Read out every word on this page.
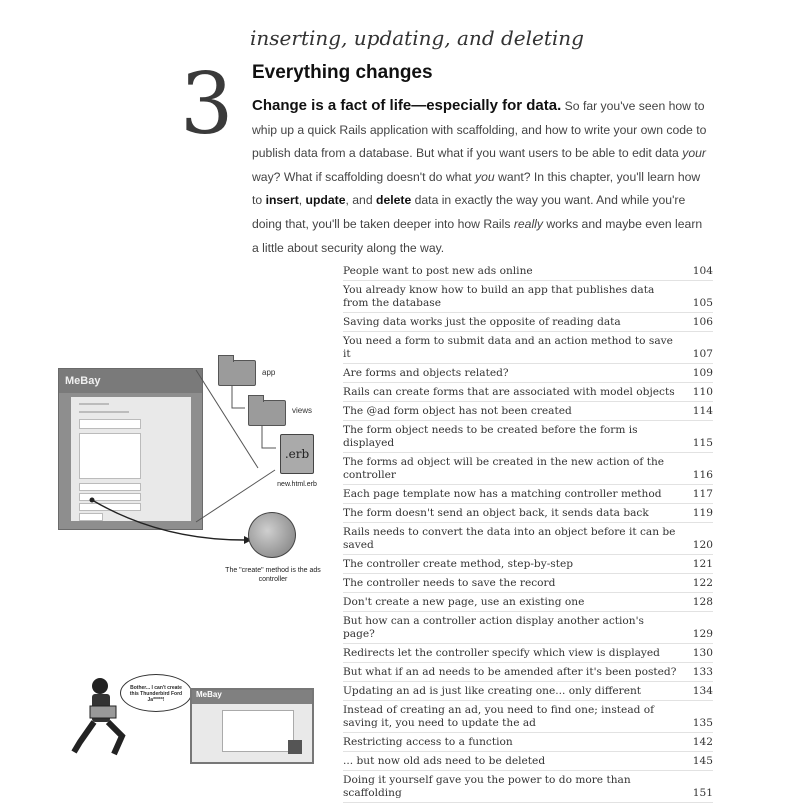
3
inserting, updating, and deleting
Everything changes
Change is a fact of life—especially for data. So far you've seen how to whip up a quick Rails application with scaffolding, and how to write your own code to publish data from a database. But what if you want users to be able to edit data your way? What if scaffolding doesn't do what you want? In this chapter, you'll learn how to insert, update, and delete data in exactly the way you want. And while you're doing that, you'll be taken deeper into how Rails really works and maybe even learn a little about security along the way.
MeBay
app
views
.erb
new.html.erb
The "create" method is the ads controller
Bother... I can't create this Thunderbird Ford Ja*****!
MeBay
People want to post new ads online	104
You already know how to build an app that publishes data from the database	105
Saving data works just the opposite of reading data	106
You need a form to submit data and an action method to save it	107
Are forms and objects related?	109
Rails can create forms that are associated with model objects	110
The @ad form object has not been created	114
The form object needs to be created before the form is displayed	115
The forms ad object will be created in the new action of the controller	116
Each page template now has a matching controller method	117
The form doesn't send an object back, it sends data back	119
Rails needs to convert the data into an object before it can be saved	120
The controller create method, step-by-step	121
The controller needs to save the record	122
Don't create a new page, use an existing one	128
But how can a controller action display another action's page?	129
Redirects let the controller specify which view is displayed	130
But what if an ad needs to be amended after it's been posted?	133
Updating an ad is just like creating one... only different	134
Instead of creating an ad, you need to find one; instead of saving it, you need to update the ad	135
Restricting access to a function	142
... but now old ads need to be deleted	145
Doing it yourself gave you the power to do more than scaffolding	151
